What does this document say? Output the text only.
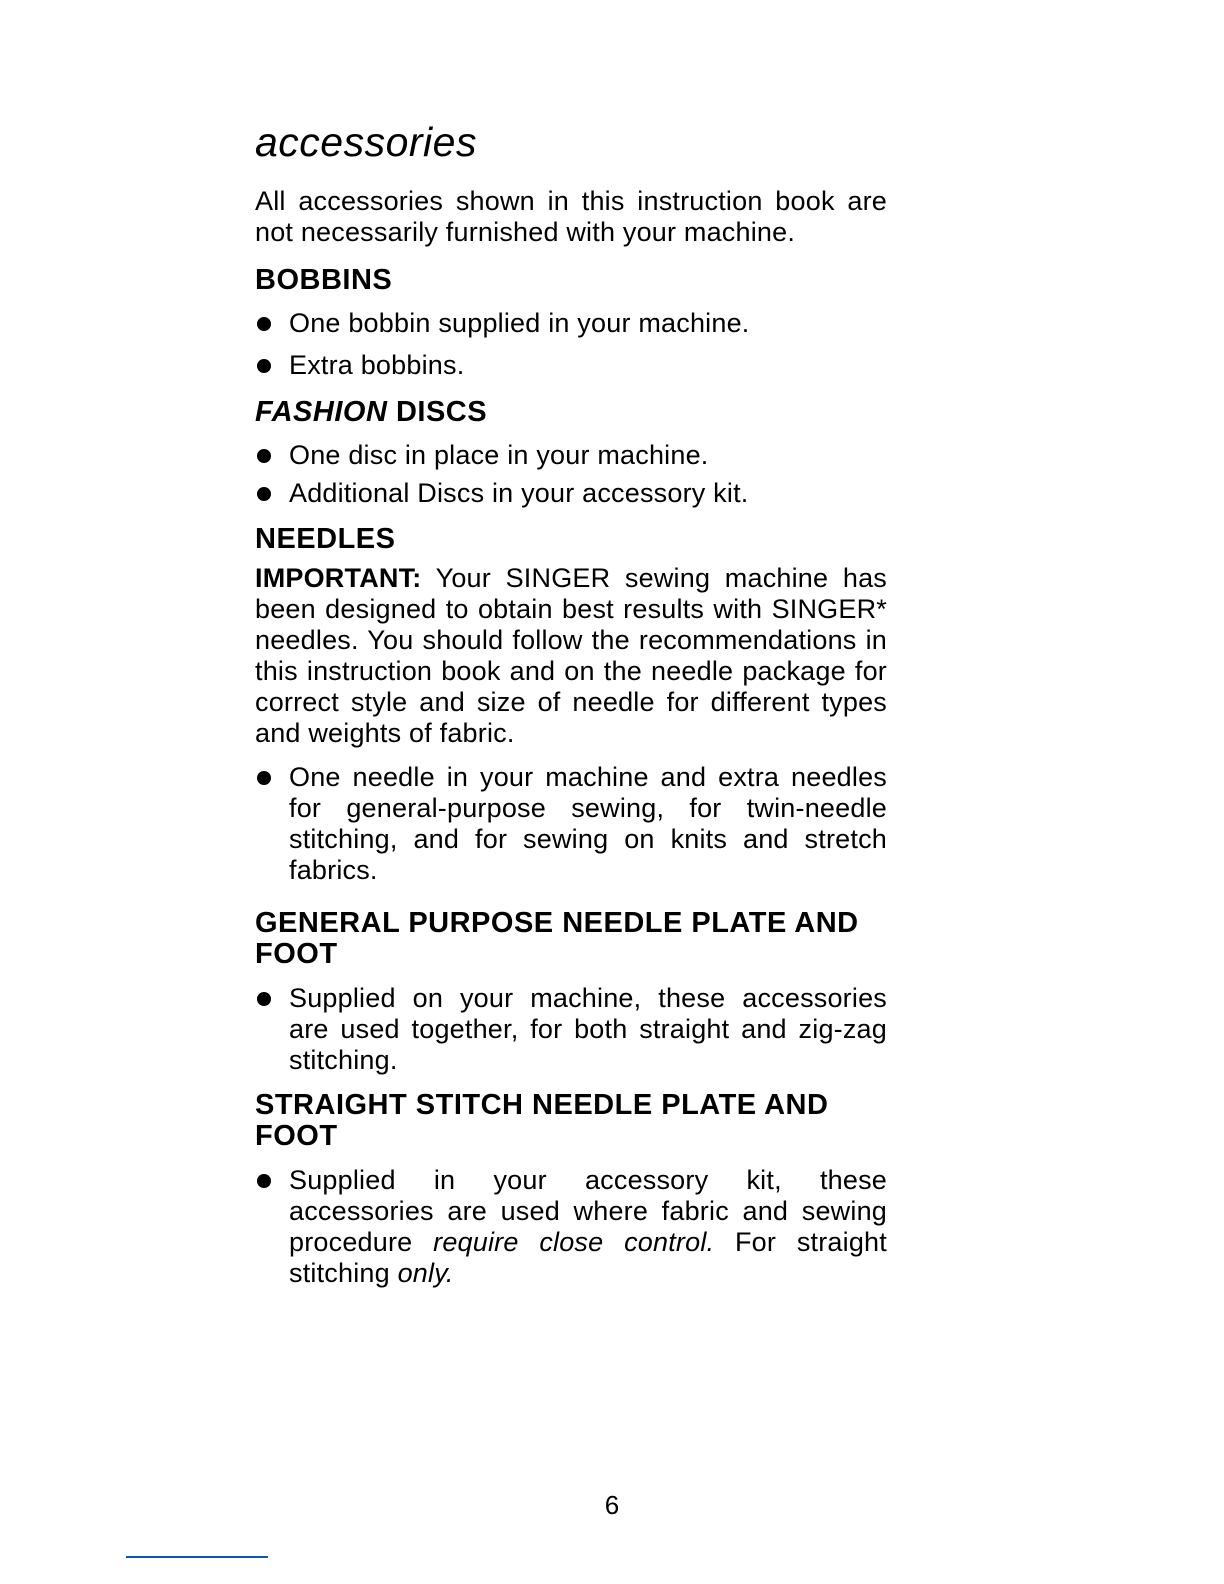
accessories

All accessories shown in this instruction book are not necessarily furnished with your machine.

BOBBINS
One bobbin supplied in your machine.
Extra bobbins.
FASHION DISCS
One disc in place in your machine.
Additional Discs in your accessory kit.
NEEDLES

IMPORTANT: Your SINGER sewing machine has been designed to obtain best results with SINGER* needles. You should follow the recommendations in this instruction book and on the needle package for correct style and size of needle for different types and weights of fabric.

One needle in your machine and extra needles for general-purpose sewing, for twin-needle stitching, and for sewing on knits and stretch fabrics.
GENERAL PURPOSE NEEDLE PLATE AND FOOT
Supplied on your machine, these accessories are used together, for both straight and zig-zag stitching.
STRAIGHT STITCH NEEDLE PLATE AND FOOT
Supplied in your accessory kit, these accessories are used where fabric and sewing procedure require close control. For straight stitching only.
6
